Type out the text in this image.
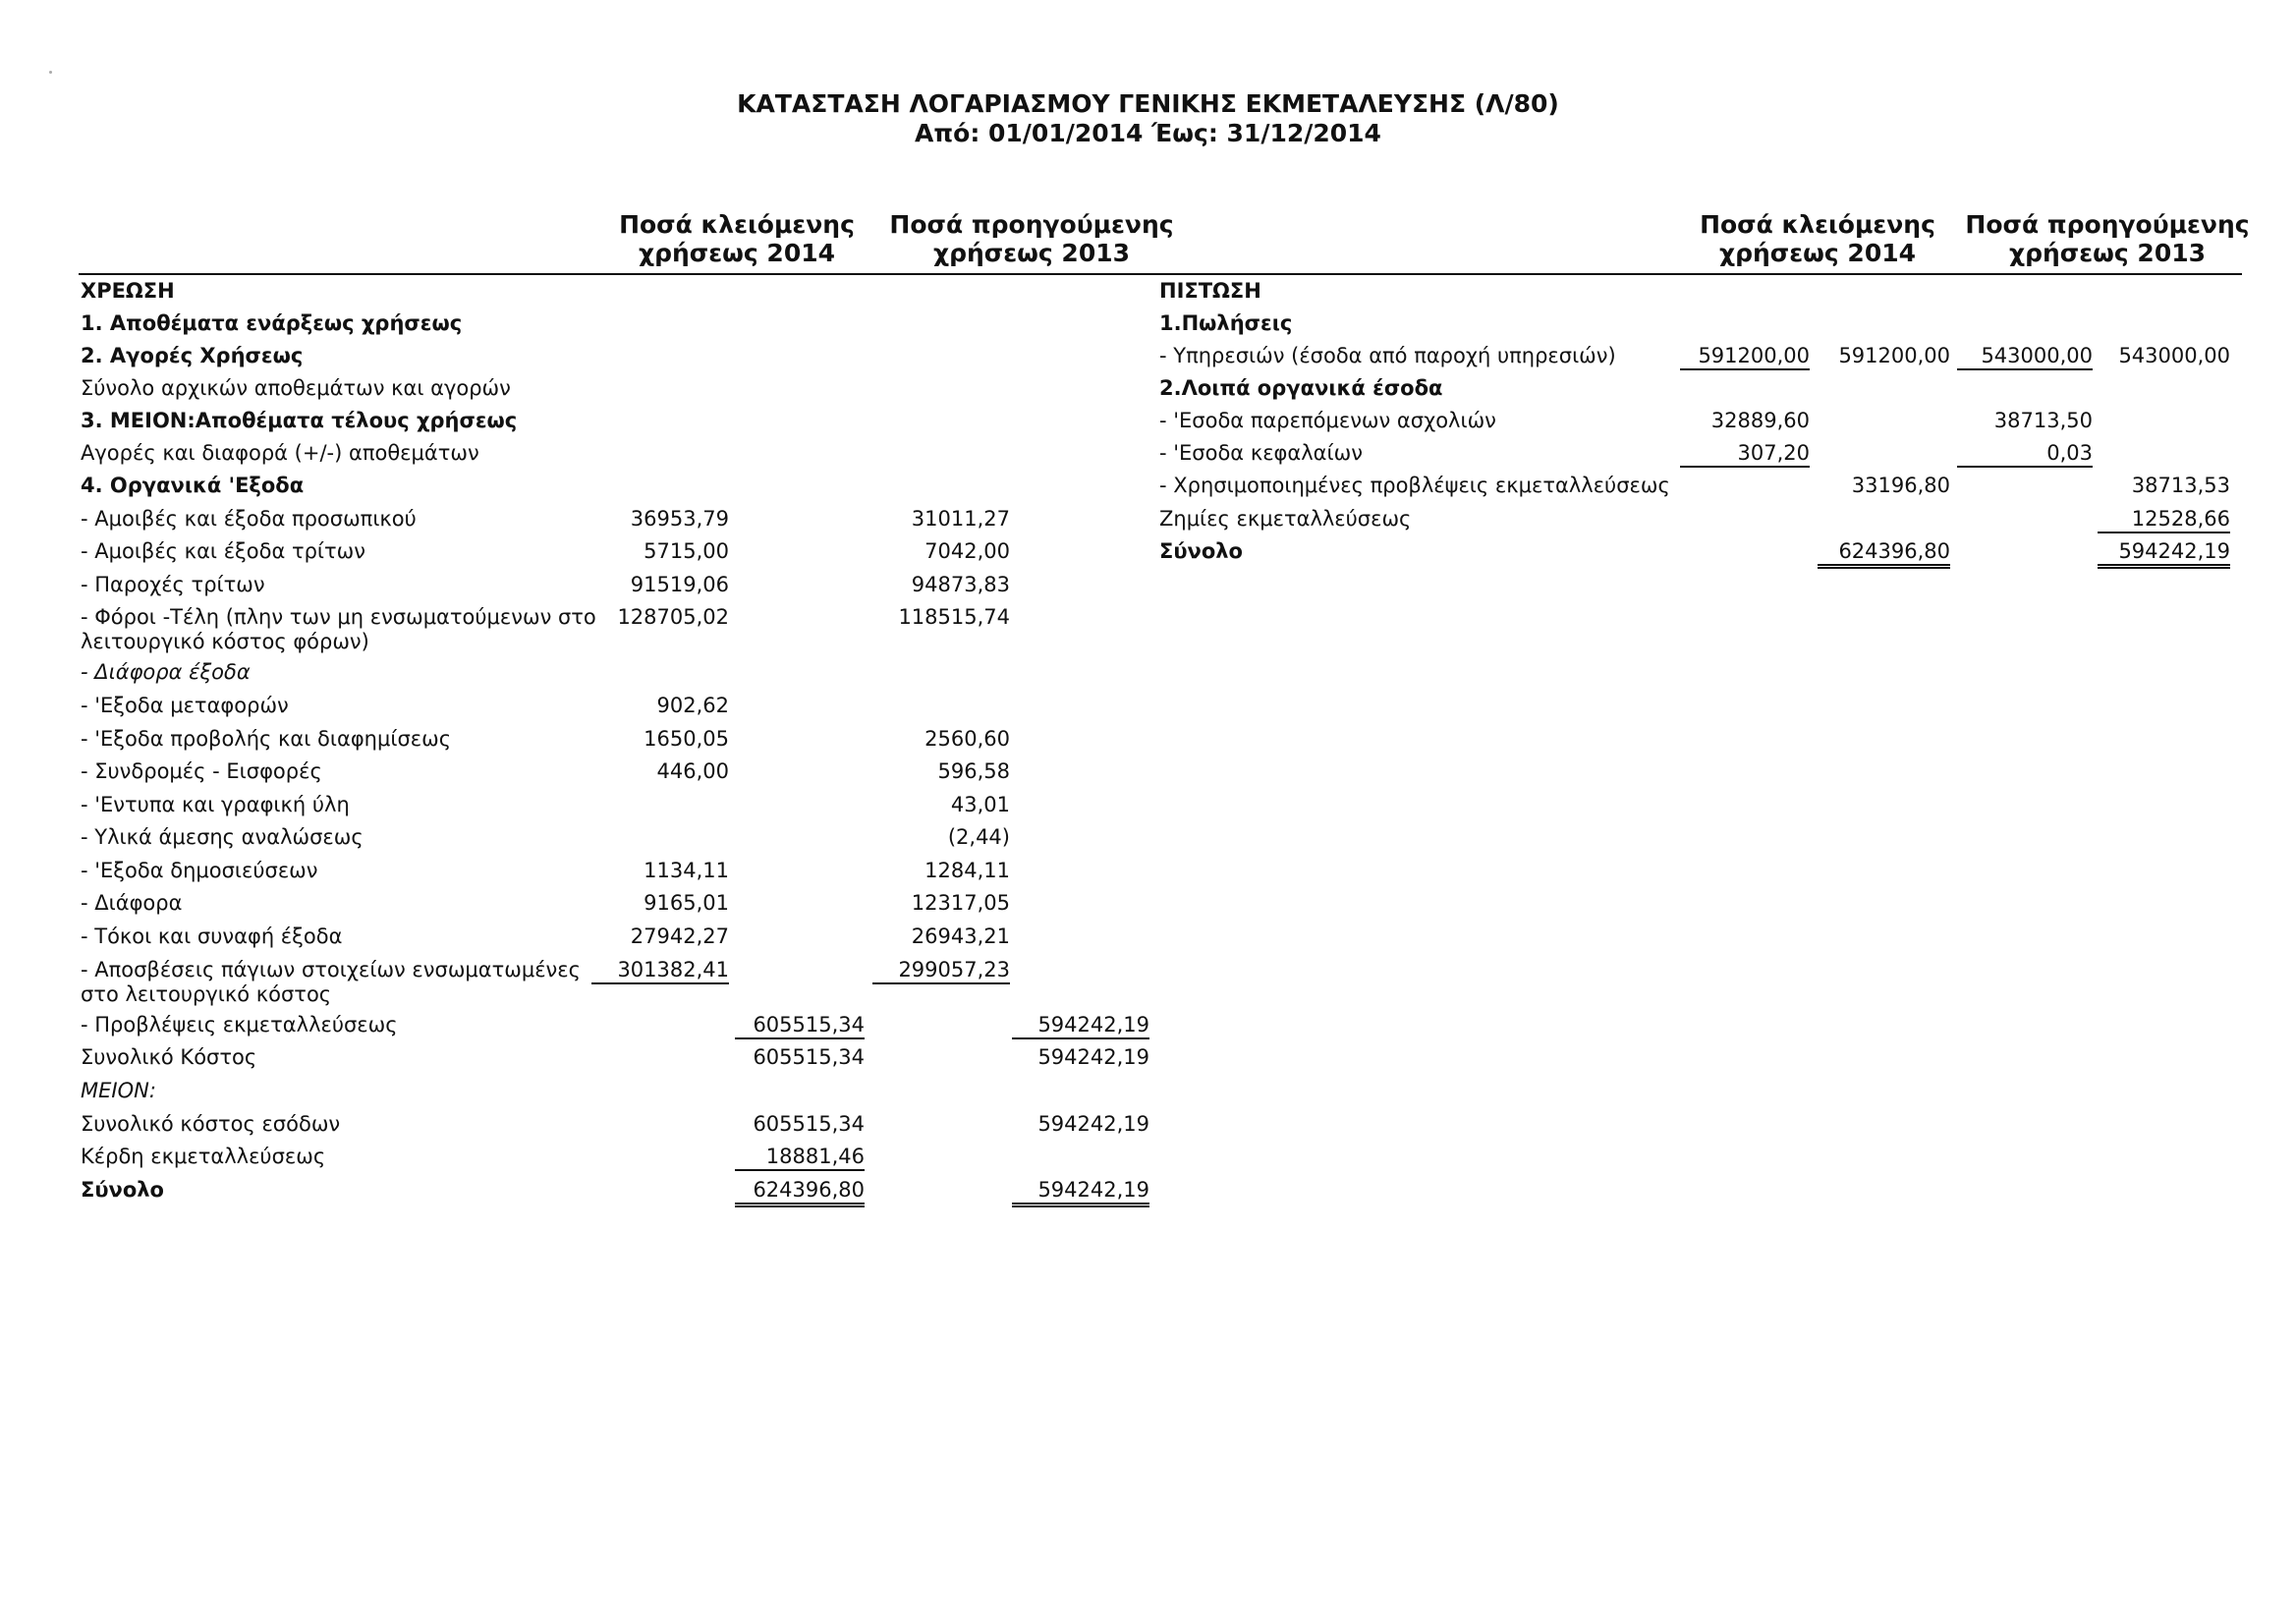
ΚΑΤΑΣΤΑΣΗ ΛΟΓΑΡΙΑΣΜΟΥ ΓΕΝΙΚΗΣ ΕΚΜΕΤΑΛΕΥΣΗΣ (Λ/80)
Από: 01/01/2014 Έως: 31/12/2014
Ποσά κλειόμενης
χρήσεως 2014
Ποσά προηγούμενης
χρήσεως 2013
Ποσά κλειόμενης
χρήσεως 2014
Ποσά προηγούμενης
χρήσεως 2013
ΧΡΕΩΣΗ
1. Αποθέματα ενάρξεως χρήσεως
2. Αγορές Χρήσεως
Σύνολο αρχικών αποθεμάτων και αγορών
3. ΜΕΙΟΝ:Αποθέματα τέλους χρήσεως
Αγορές και διαφορά (+/-) αποθεμάτων
4. Οργανικά 'Εξοδα
- Αμοιβές και έξοδα προσωπικού
- Αμοιβές και έξοδα τρίτων
- Παροχές τρίτων
- Φόροι -Τέλη (πλην των μη ενσωματούμενων στο λειτουργικό κόστος φόρων)
- Διάφορα έξοδα
- 'Εξοδα μεταφορών
- 'Εξοδα προβολής και διαφημίσεως
- Συνδρομές - Εισφορές
- 'Εντυπα και γραφική ύλη
- Υλικά άμεσης αναλώσεως
- 'Εξοδα δημοσιεύσεων
- Διάφορα
- Τόκοι και συναφή έξοδα
- Αποσβέσεις πάγιων στοιχείων ενσωματωμένες στο λειτουργικό κόστος
- Προβλέψεις εκμεταλλεύσεως
Συνολικό Κόστος
ΜΕΙΟΝ:
Συνολικό κόστος εσόδων
Κέρδη εκμεταλλεύσεως
Σύνολο
36953,79
5715,00
91519,06
128705,02
902,62
1650,05
446,00
1134,11
9165,01
27942,27
301382,41
605515,34
605515,34
605515,34
18881,46
624396,80
31011,27
7042,00
94873,83
118515,74
2560,60
596,58
43,01
(2,44)
1284,11
12317,05
26943,21
299057,23
594242,19
594242,19
594242,19
594242,19
ΠΙΣΤΩΣΗ
1.Πωλήσεις
- Υπηρεσιών (έσοδα από παροχή υπηρεσιών)
2.Λοιπά οργανικά έσοδα
- 'Εσοδα παρεπόμενων ασχολιών
- 'Εσοδα κεφαλαίων
- Χρησιμοποιημένες προβλέψεις εκμεταλλεύσεως
Ζημίες εκμεταλλεύσεως
Σύνολο
591200,00
32889,60
307,20
591200,00
33196,80
624396,80
543000,00
38713,50
0,03
543000,00
38713,53
12528,66
594242,19
